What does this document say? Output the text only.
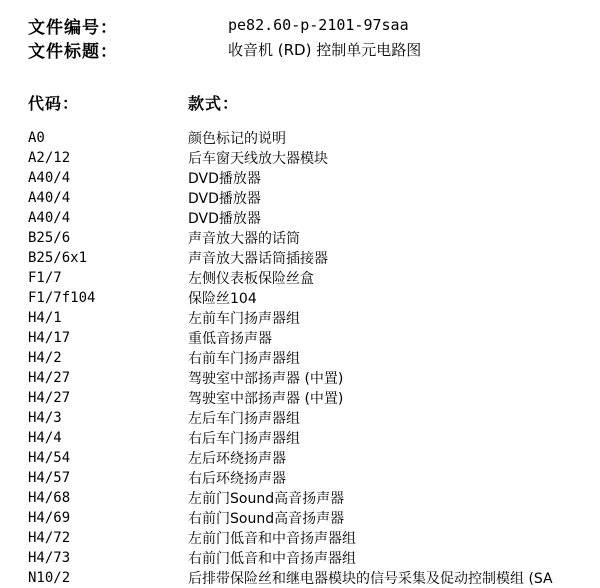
文件编号：	pe82.60-p-2101-97saa
文件标题：	收音机 (RD) 控制单元电路图
代码：	款式：
A0	颜色标记的说明
A2/12	后车窗天线放大器模块
A40/4	DVD播放器
A40/4	DVD播放器
A40/4	DVD播放器
B25/6	声音放大器的话筒
B25/6x1	声音放大器话筒插接器
F1/7	左侧仪表板保险丝盒
F1/7f104	保险丝104
H4/1	左前车门扬声器组
H4/17	重低音扬声器
H4/2	右前车门扬声器组
H4/27	驾驶室中部扬声器 (中置)
H4/27	驾驶室中部扬声器 (中置)
H4/3	左后车门扬声器组
H4/4	右后车门扬声器组
H4/54	左后环绕扬声器
H4/57	右后环绕扬声器
H4/68	左前门Sound高音扬声器
H4/69	右前门Sound高音扬声器
H4/72	左前门低音和中音扬声器组
H4/73	右前门低音和中音扬声器组
N10/2	后排带保险丝和继电器模块的信号采集及促动控制模组 (SA
